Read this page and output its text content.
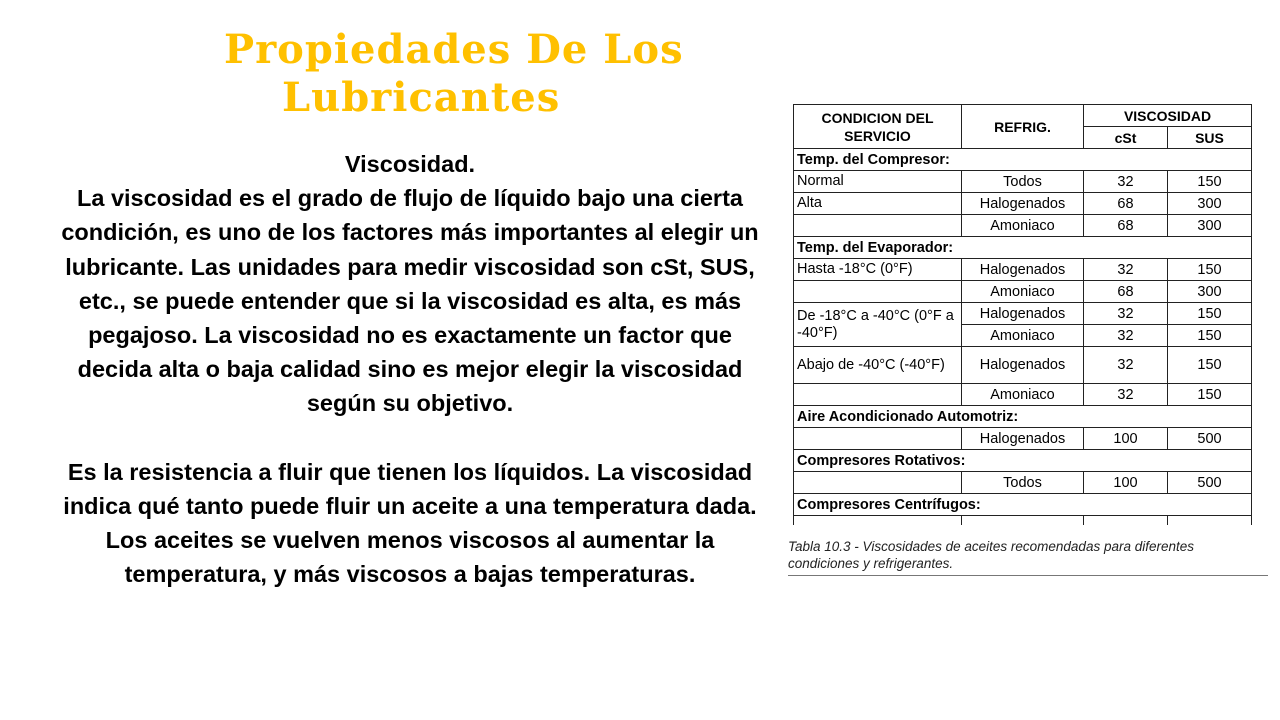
Propiedades De Los
Lubricantes

Viscosidad.

La viscosidad es el grado de flujo de líquido bajo una cierta condición, es uno de los factores más importantes al elegir un lubricante. Las unidades para medir viscosidad son cSt, SUS, etc., se puede entender que si la viscosidad es alta, es más pegajoso. La viscosidad no es exactamente un factor que decida alta o baja calidad sino es mejor elegir la viscosidad según su objetivo.

Es la resistencia a fluir que tienen los líquidos. La viscosidad indica qué tanto puede fluir un aceite a una temperatura dada. Los aceites se vuelven menos viscosos al aumentar la temperatura, y más viscosos a bajas temperaturas.

CONDICION DEL SERVICIO	REFRIG.	VISCOSIDAD	
		cSt	SUS
Temp. del Compresor:			
Normal	Todos	32	150
Alta	Halogenados	68	300
	Amoniaco	68	300
Temp. del Evaporador:			
Hasta -18°C (0°F)	Halogenados	32	150
	Amoniaco	68	300
De -18°C a -40°C (0°F a -40°F)	Halogenados	32	150
	Amoniaco	32	150
Abajo de -40°C (-40°F)	Halogenados	32	150
	Amoniaco	32	150
Aire Acondicionado Automotriz:			
	Halogenados	100	500
Compresores Rotativos:			
	Todos	100	500
Compresores Centrífugos:			

Tabla 10.3 - Viscosidades de aceites recomendadas para diferentes condiciones y refrigerantes.
